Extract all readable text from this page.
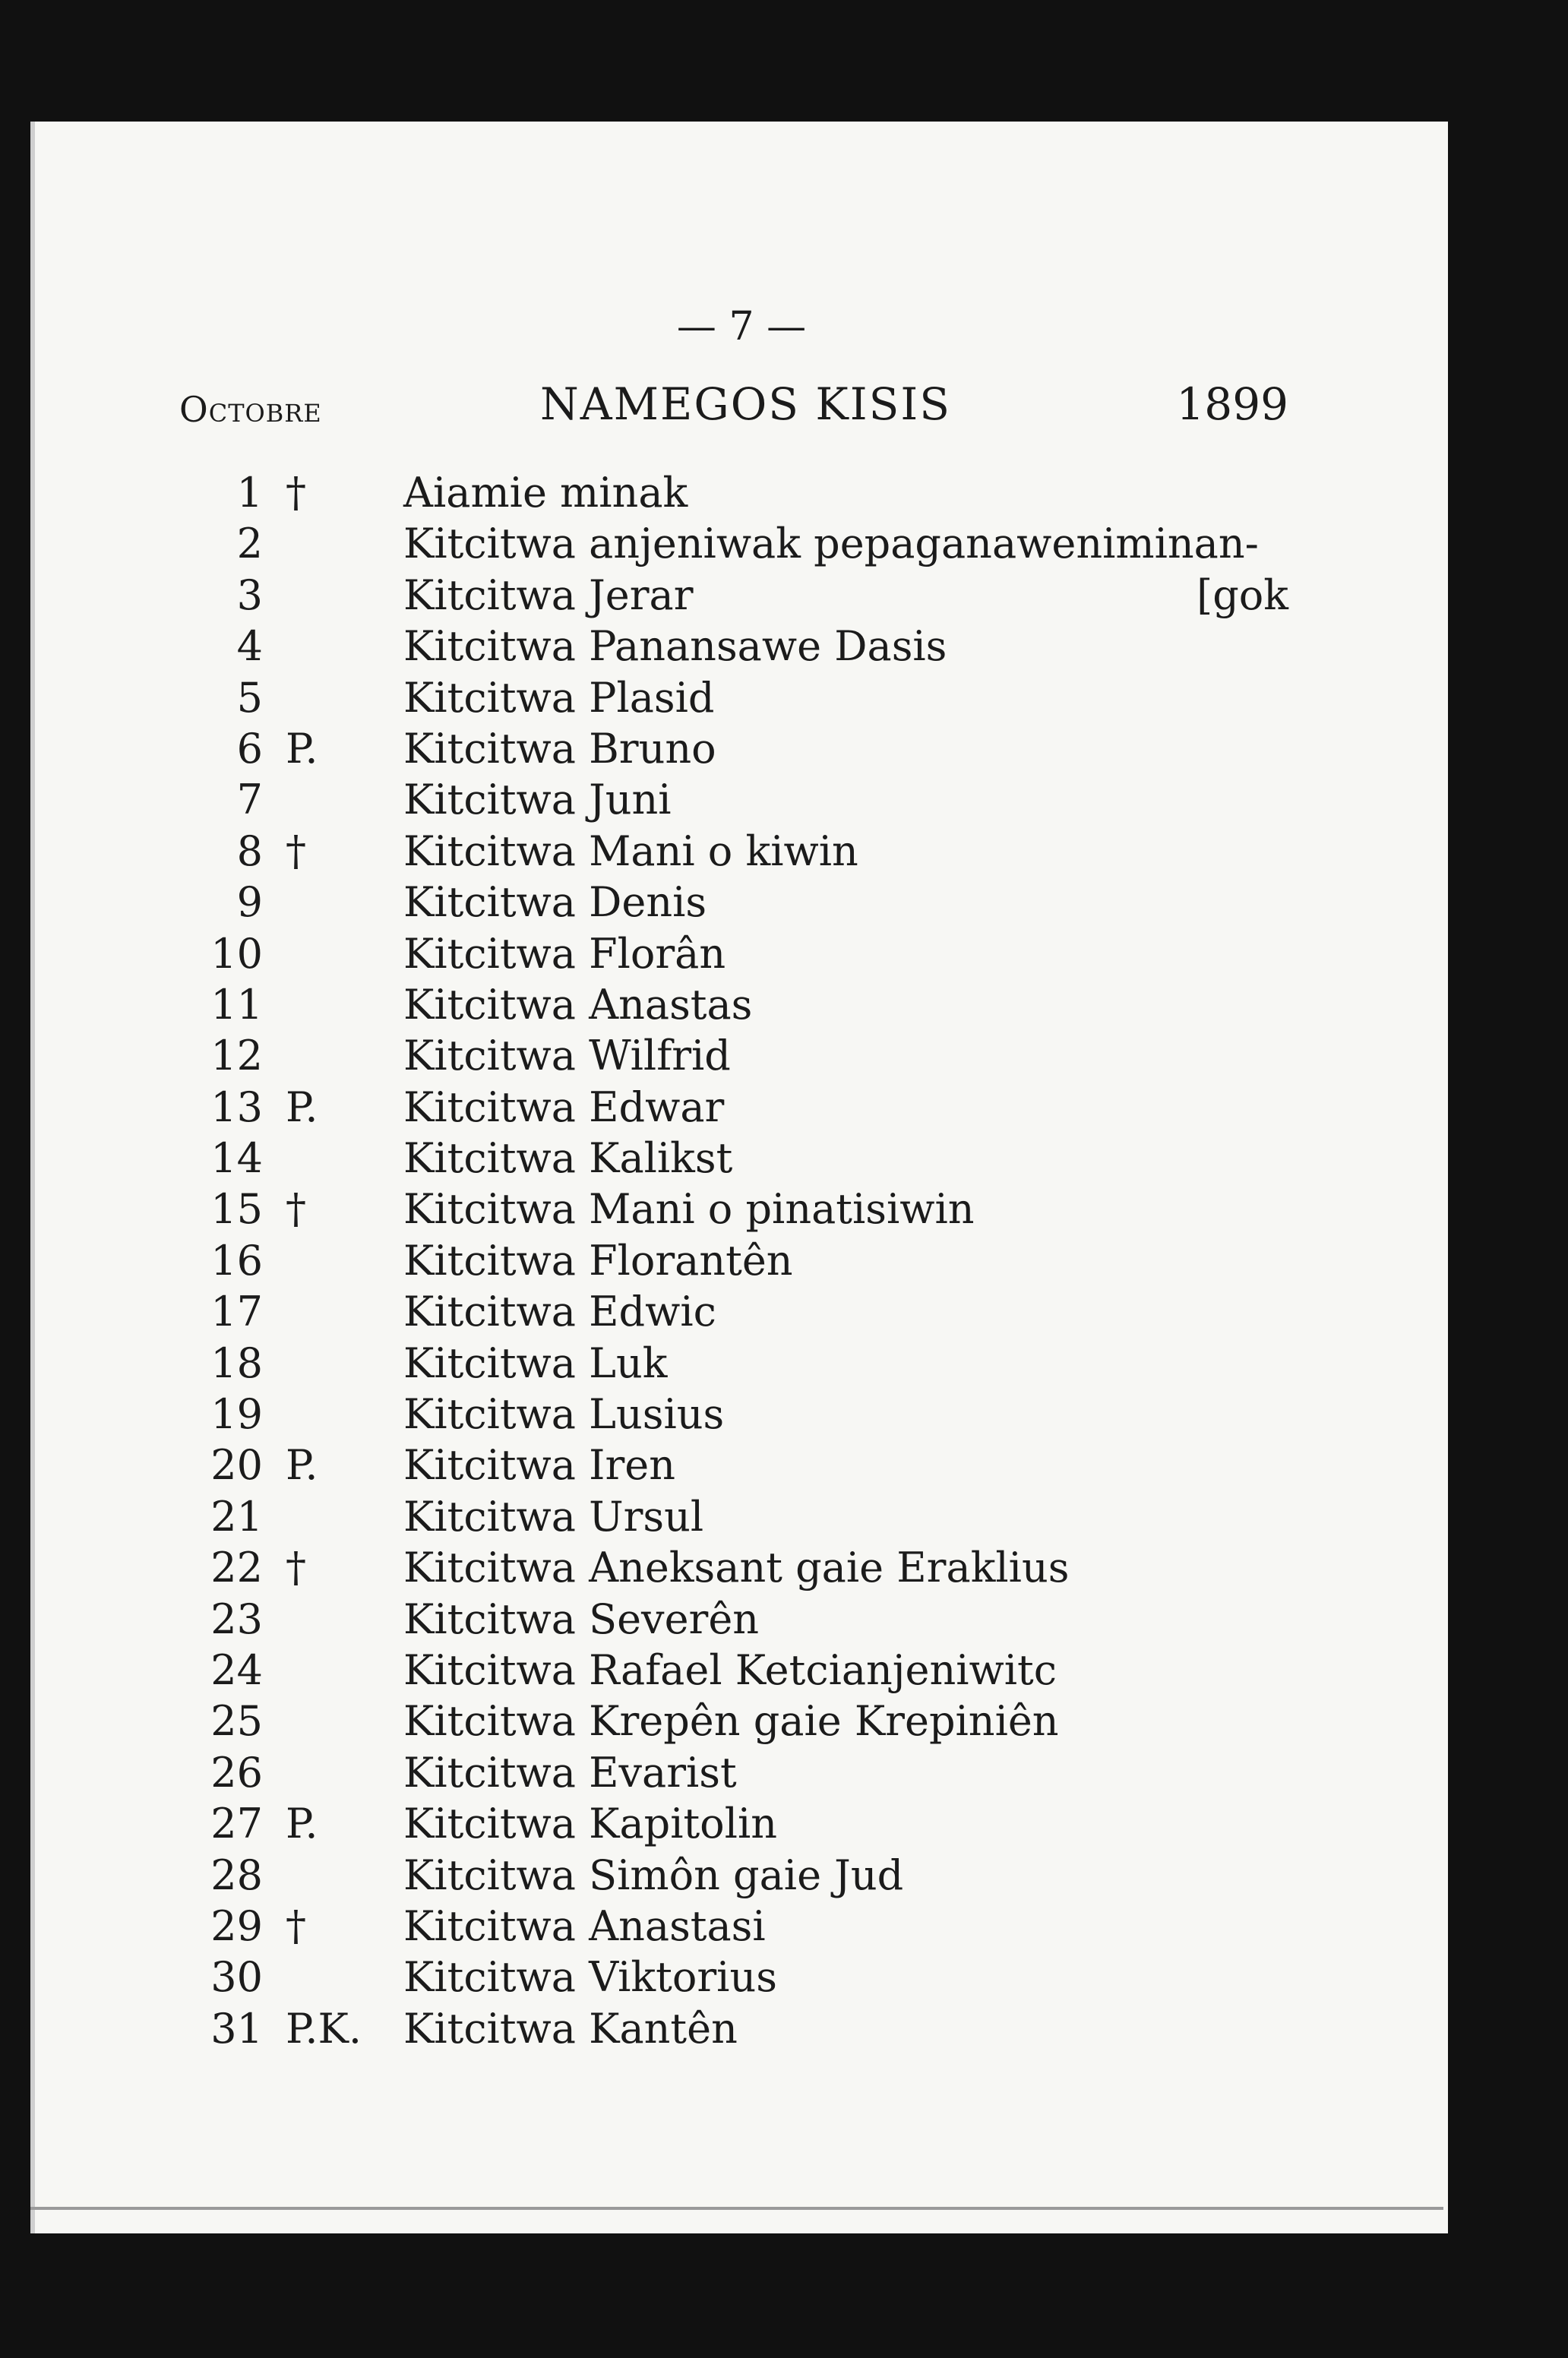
— 7 —
Octobre	NAMEGOS KISIS	1899
1 † Aiamie minak
2	Kitcitwa anjeniwak pepaganaweniminan-
3	Kitcitwa Jerar	[gok
4	Kitcitwa Panansawe Dasis
5	Kitcitwa Plasid
6 P. Kitcitwa Bruno
7	Kitcitwa Juni
8 † Kitcitwa Mani o kiwin
9	Kitcitwa Denis
10	Kitcitwa Florân
11	Kitcitwa Anastas
12	Kitcitwa Wilfrid
13 P. Kitcitwa Edwar
14	Kitcitwa Kalikst
15 † Kitcitwa Mani o pinatisiwin
16	Kitcitwa Florantên
17	Kitcitwa Edwic
18	Kitcitwa Luk
19	Kitcitwa Lusius
20 P. Kitcitwa Iren
21	Kitcitwa Ursul
22 † Kitcitwa Aneksant gaie Eraklius
23	Kitcitwa Severên
24	Kitcitwa Rafael Ketcianjeniwitc
25	Kitcitwa Krepên gaie Krepiniên
26	Kitcitwa Evarist
27 P. Kitcitwa Kapitolin
28	Kitcitwa Simôn gaie Jud
29 † Kitcitwa Anastasi
30	Kitcitwa Viktorius
31 P.K. Kitcitwa Kantên
